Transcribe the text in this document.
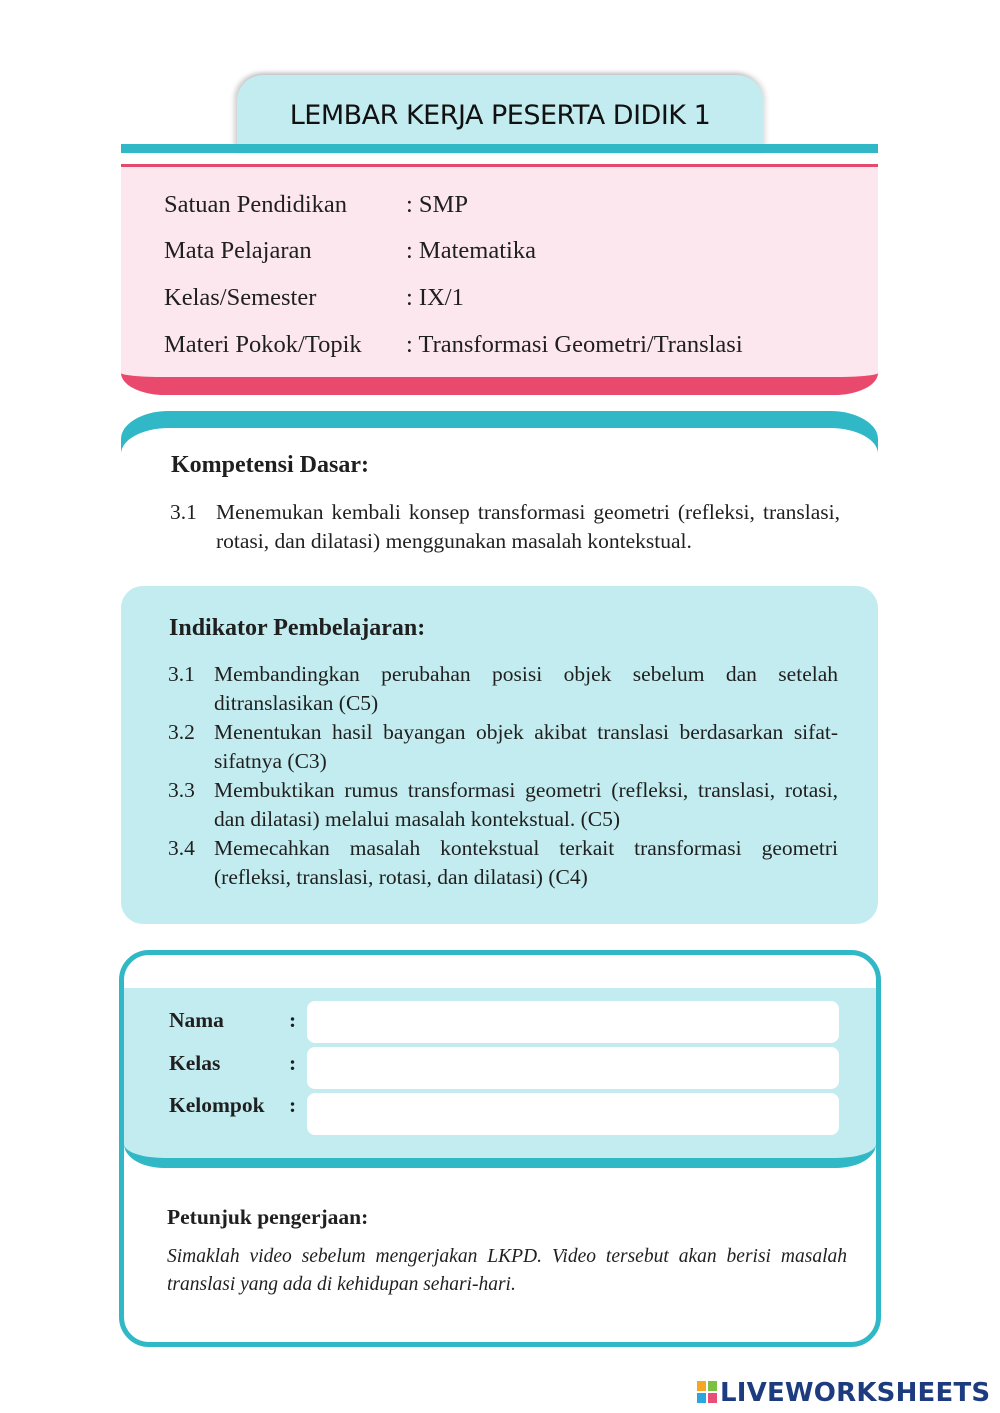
LEMBAR KERJA PESERTA DIDIK 1
Satuan Pendidikan : SMP
Mata Pelajaran	: Matematika
Kelas/Semester	: IX/1
Materi Pokok/Topik : Transformasi Geometri/Translasi
Kompetensi Dasar:
3.1 Menemukan kembali konsep transformasi geometri (refleksi, translasi, rotasi, dan dilatasi) menggunakan masalah kontekstual.
Indikator Pembelajaran:
3.1 Membandingkan perubahan posisi objek sebelum dan setelah ditranslasikan (C5)
3.2 Menentukan hasil bayangan objek akibat translasi berdasarkan sifat-sifatnya (C3)
3.3 Membuktikan rumus transformasi geometri (refleksi, translasi, rotasi, dan dilatasi) melalui masalah kontekstual. (C5)
3.4 Memecahkan masalah kontekstual terkait transformasi geometri (refleksi, translasi, rotasi, dan dilatasi) (C4)
Nama	:
Kelas	:
Kelompok :
Petunjuk pengerjaan:
Simaklah video sebelum mengerjakan LKPD. Video tersebut akan berisi masalah translasi yang ada di kehidupan sehari-hari.
LIVEWORKSHEETS
